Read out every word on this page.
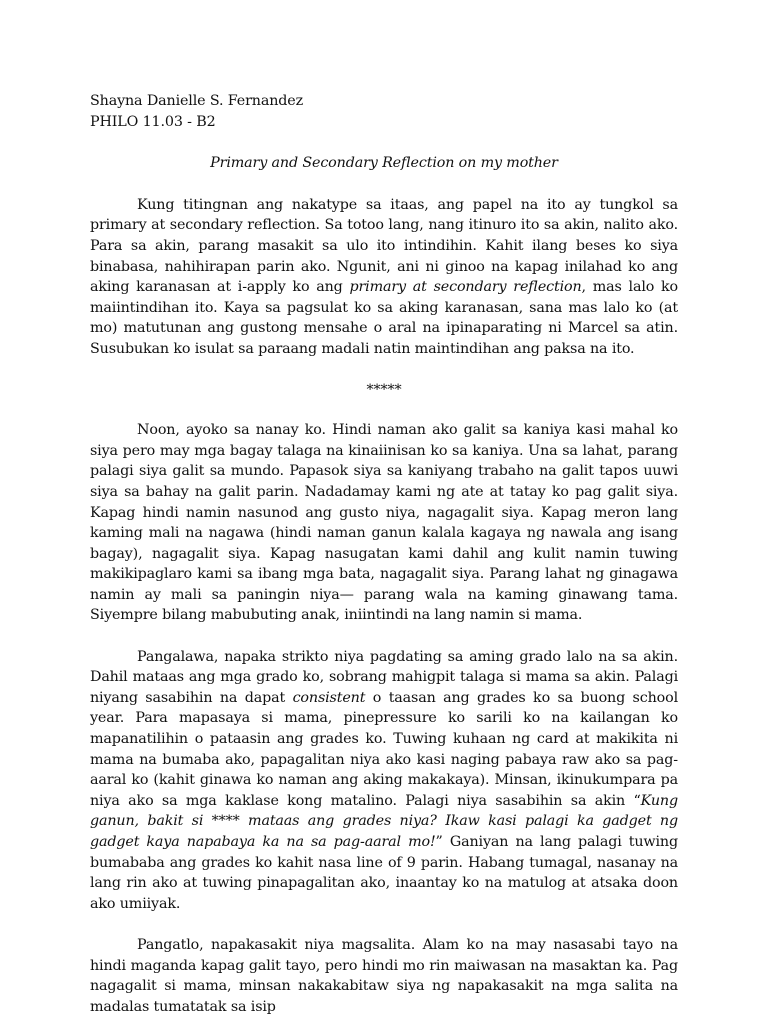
Shayna Danielle S. Fernandez

PHILO 11.03 - B2

Primary and Secondary Reflection on my mother

Kung titingnan ang nakatype sa itaas, ang papel na ito ay tungkol sa primary at secondary reflection. Sa totoo lang, nang itinuro ito sa akin, nalito ako. Para sa akin, parang masakit sa ulo ito intindihin. Kahit ilang beses ko siya binabasa, nahihirapan parin ako. Ngunit, ani ni ginoo na kapag inilahad ko ang aking karanasan at i-apply ko ang primary at secondary reflection, mas lalo ko maiintindihan ito. Kaya sa pagsulat ko sa aking karanasan, sana mas lalo ko (at mo) matutunan ang gustong mensahe o aral na ipinaparating ni Marcel sa atin. Susubukan ko isulat sa paraang madali natin maintindihan ang paksa na ito.

*****

Noon, ayoko sa nanay ko. Hindi naman ako galit sa kaniya kasi mahal ko siya pero may mga bagay talaga na kinaiinisan ko sa kaniya. Una sa lahat, parang palagi siya galit sa mundo. Papasok siya sa kaniyang trabaho na galit tapos uuwi siya sa bahay na galit parin. Nadadamay kami ng ate at tatay ko pag galit siya. Kapag hindi namin nasunod ang gusto niya, nagagalit siya. Kapag meron lang kaming mali na nagawa (hindi naman ganun kalala kagaya ng nawala ang isang bagay), nagagalit siya. Kapag nasugatan kami dahil ang kulit namin tuwing makikipaglaro kami sa ibang mga bata, nagagalit siya. Parang lahat ng ginagawa namin ay mali sa paningin niya— parang wala na kaming ginawang tama. Siyempre bilang mabubuting anak, iniintindi na lang namin si mama.

Pangalawa, napaka strikto niya pagdating sa aming grado lalo na sa akin. Dahil mataas ang mga grado ko, sobrang mahigpit talaga si mama sa akin. Palagi niyang sasabihin na dapat consistent o taasan ang grades ko sa buong school year. Para mapasaya si mama, pinepressure ko sarili ko na kailangan ko mapanatilihin o pataasin ang grades ko. Tuwing kuhaan ng card at makikita ni mama na bumaba ako, papagalitan niya ako kasi naging pabaya raw ako sa pag-aaral ko (kahit ginawa ko naman ang aking makakaya). Minsan, ikinukumpara pa niya ako sa mga kaklase kong matalino. Palagi niya sasabihin sa akin “Kung ganun, bakit si **** mataas ang grades niya? Ikaw kasi palagi ka gadget ng gadget kaya napabaya ka na sa pag-aaral mo!” Ganiyan na lang palagi tuwing bumababa ang grades ko kahit nasa line of 9 parin. Habang tumagal, nasanay na lang rin ako at tuwing pinapagalitan ako, inaantay ko na matulog at atsaka doon ako umiiyak.

Pangatlo, napakasakit niya magsalita. Alam ko na may nasasabi tayo na hindi maganda kapag galit tayo, pero hindi mo rin maiwasan na masaktan ka. Pag nagagalit si mama, minsan nakakabitaw siya ng napakasakit na mga salita na madalas tumatatak sa isip
